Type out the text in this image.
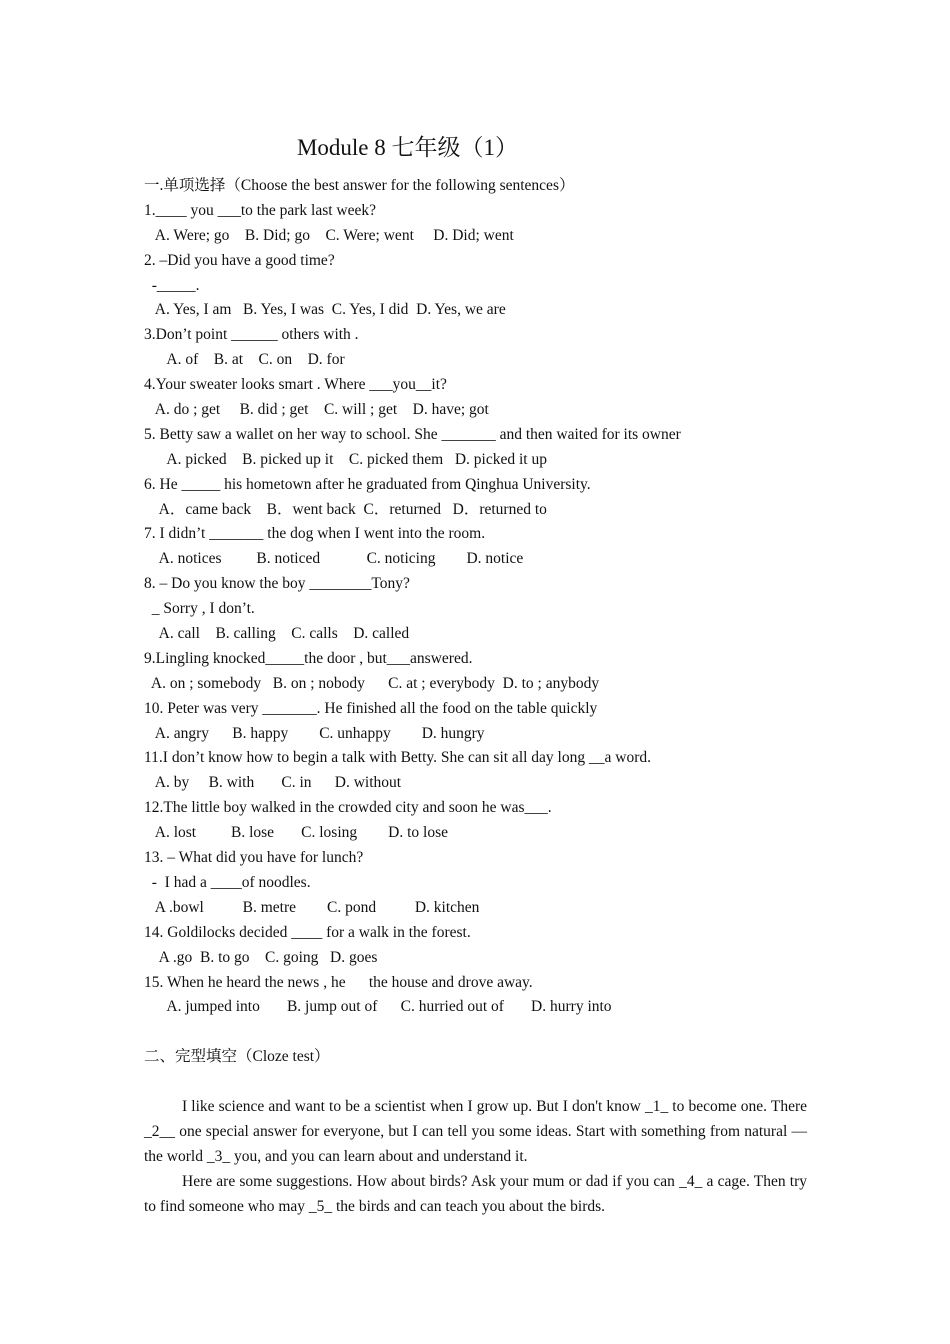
Module 8 七年级（1）
一.单项选择（Choose the best answer for the following sentences）
1.____ you ___to the park last week?
A. Were; go    B. Did; go    C. Were; went     D. Did; went
2. –Did you have a good time?
-_____.
A. Yes, I am   B. Yes, I was  C. Yes, I did  D. Yes, we are
3.Don’t point ______ others with .
A. of    B. at    C. on    D. for
4.Your sweater looks smart . Where ___you__it?
A. do ; get     B. did ; get    C. will ; get    D. have; got
5. Betty saw a wallet on her way to school. She _______ and then waited for its owner
A. picked    B. picked up it    C. picked them   D. picked it up
6. He _____ his hometown after he graduated from Qinghua University.
A．came back    B．went back  C．returned   D．returned to
7. I didn’t _______ the dog when I went into the room.
A. notices         B. noticed            C. noticing        D. notice
8. – Do you know the boy ________Tony?
_ Sorry , I don’t.
A. call    B. calling    C. calls    D. called
9.Lingling knocked_____the door , but___answered.
A. on ; somebody   B. on ; nobody      C. at ; everybody  D. to ; anybody
10. Peter was very _______. He finished all the food on the table quickly
A. angry      B. happy        C. unhappy        D. hungry
11.I don’t know how to begin a talk with Betty. She can sit all day long __a word.
A. by     B. with       C. in      D. without
12.The little boy walked in the crowded city and soon he was___.
A. lost         B. lose       C. losing        D. to lose
13. – What did you have for lunch?
-  I had a ____of noodles.
A .bowl          B. metre        C. pond          D. kitchen
14. Goldilocks decided ____ for a walk in the forest.
A .go  B. to go    C. going   D. goes
15. When he heard the news , he      the house and drove away.
A. jumped into       B. jump out of      C. hurried out of       D. hurry into
二、完型填空（Cloze test）
I like science and want to be a scientist when I grow up. But I don't know _1_ to become one. There _2__ one special answer for everyone, but I can tell you some ideas. Start with something from natural — the world _3_ you, and you can learn about and understand it.
Here are some suggestions. How about birds? Ask your mum or dad if you can _4_ a cage. Then try to find someone who may _5_ the birds and can teach you about the birds.
